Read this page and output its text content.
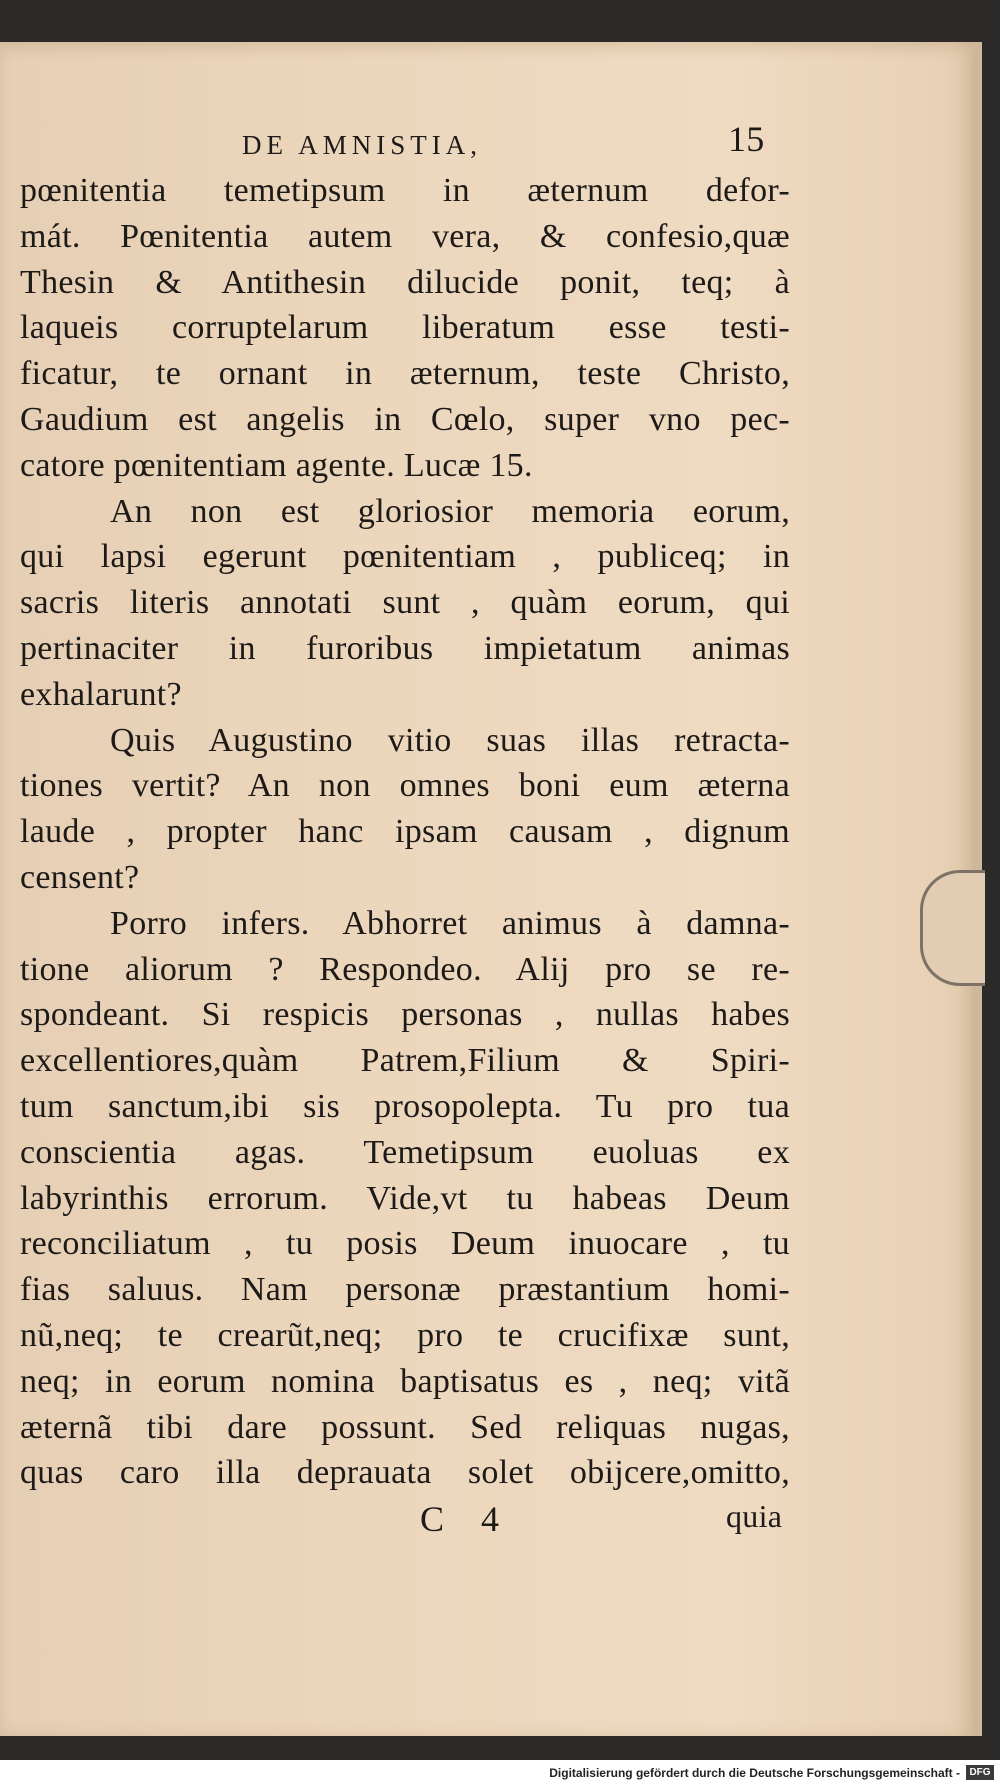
DE AMNISTIA,	15
pœnitentia temetipsum in æternum defor-
mát. Pœnitentia autem vera, & confesio,quæ
Thesin & Antithesin dilucide ponit, teq; à
laqueis corruptelarum liberatum esse testi-
ficatur, te ornant in æternum, teste Christo,
Gaudium est angelis in Cœlo, super vno pec-
catore pœnitentiam agente. Lucæ 15.
An non est gloriosior memoria eorum,
qui lapsi egerunt pœnitentiam , publiceq; in
sacris literis annotati sunt , quàm eorum, qui
pertinaciter in furoribus impietatum animas
exhalarunt?
Quis Augustino vitio suas illas retracta-
tiones vertit? An non omnes boni eum æterna
laude , propter hanc ipsam causam , dignum
censent?
Porro infers. Abhorret animus à damna-
tione aliorum ? Respondeo. Alij pro se re-
spondeant. Si respicis personas , nullas habes
excellentiores,quàm Patrem,Filium & Spiri-
tum sanctum,ibi sis prosopolepta. Tu pro tua
conscientia agas. Temetipsum euoluas ex
labyrinthis errorum. Vide,vt tu habeas Deum
reconciliatum , tu posis Deum inuocare , tu
fias saluus. Nam personæ præstantium homi-
nũ,neq; te crearũt,neq; pro te crucifixæ sunt,
neq; in eorum nomina baptisatus es , neq; vitã
æternã tibi dare possunt. Sed reliquas nugas,
quas caro illa deprauata solet obijcere,omitto,
C 4	quia
Digitalisierung gefördert durch die Deutsche Forschungsgemeinschaft - DFG
